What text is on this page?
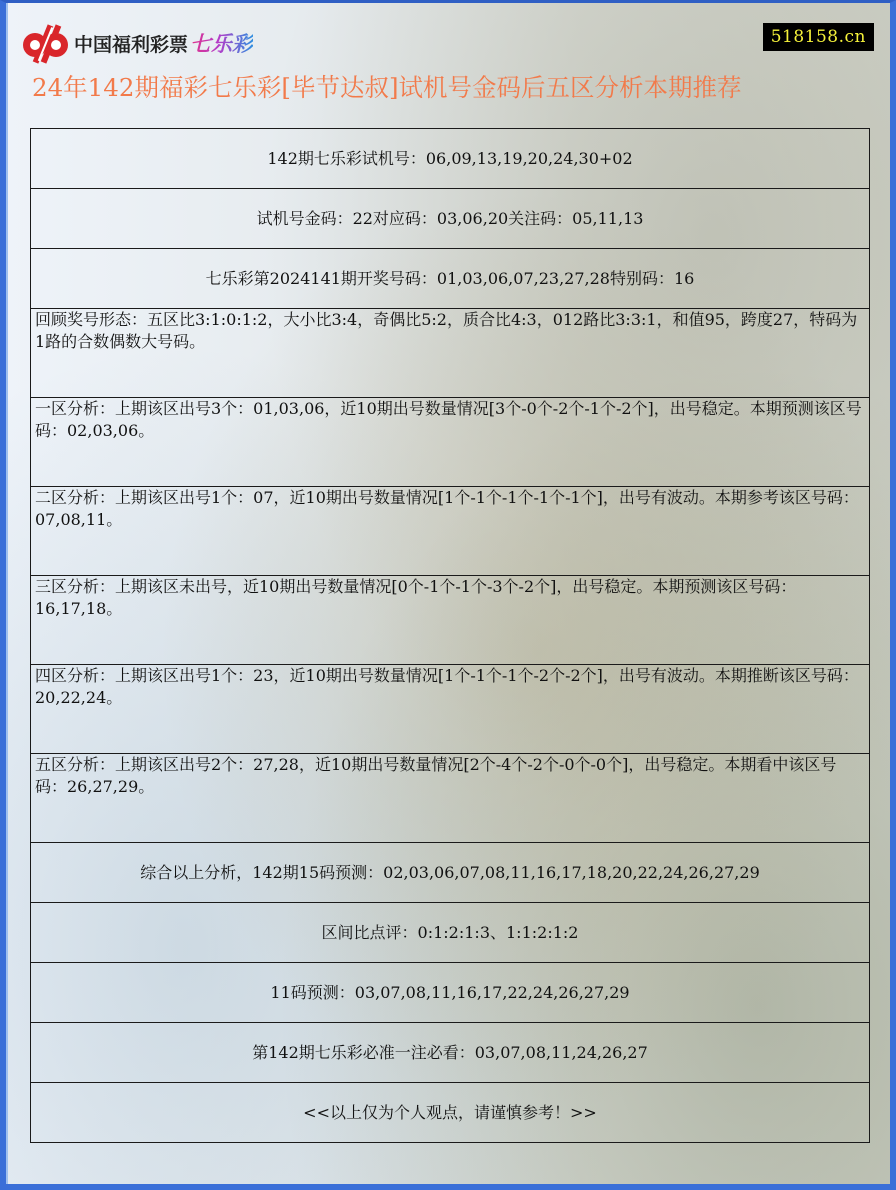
中国福利彩票 七乐彩	518158.cn
24年142期福彩七乐彩[毕节达叔]试机号金码后五区分析本期推荐
142期七乐彩试机号：06,09,13,19,20,24,30+02
试机号金码：22对应码：03,06,20关注码：05,11,13
七乐彩第2024141期开奖号码：01,03,06,07,23,27,28特别码：16
回顾奖号形态：五区比3:1:0:1:2，大小比3:4，奇偶比5:2，质合比4:3，012路比3:3:1，和值95，跨度27，特码为1路的合数偶数大号码。
一区分析：上期该区出号3个：01,03,06，近10期出号数量情况[3个-0个-2个-1个-2个]，出号稳定。本期预测该区号码：02,03,06。
二区分析：上期该区出号1个：07，近10期出号数量情况[1个-1个-1个-1个-1个]，出号有波动。本期参考该区号码：07,08,11。
三区分析：上期该区未出号，近10期出号数量情况[0个-1个-1个-3个-2个]，出号稳定。本期预测该区号码：16,17,18。
四区分析：上期该区出号1个：23，近10期出号数量情况[1个-1个-1个-2个-2个]，出号有波动。本期推断该区号码：20,22,24。
五区分析：上期该区出号2个：27,28，近10期出号数量情况[2个-4个-2个-0个-0个]，出号稳定。本期看中该区号码：26,27,29。
综合以上分析，142期15码预测：02,03,06,07,08,11,16,17,18,20,22,24,26,27,29
区间比点评：0:1:2:1:3、1:1:2:1:2
11码预测：03,07,08,11,16,17,22,24,26,27,29
第142期七乐彩必准一注必看：03,07,08,11,24,26,27
<<以上仅为个人观点，请谨慎参考！>>
